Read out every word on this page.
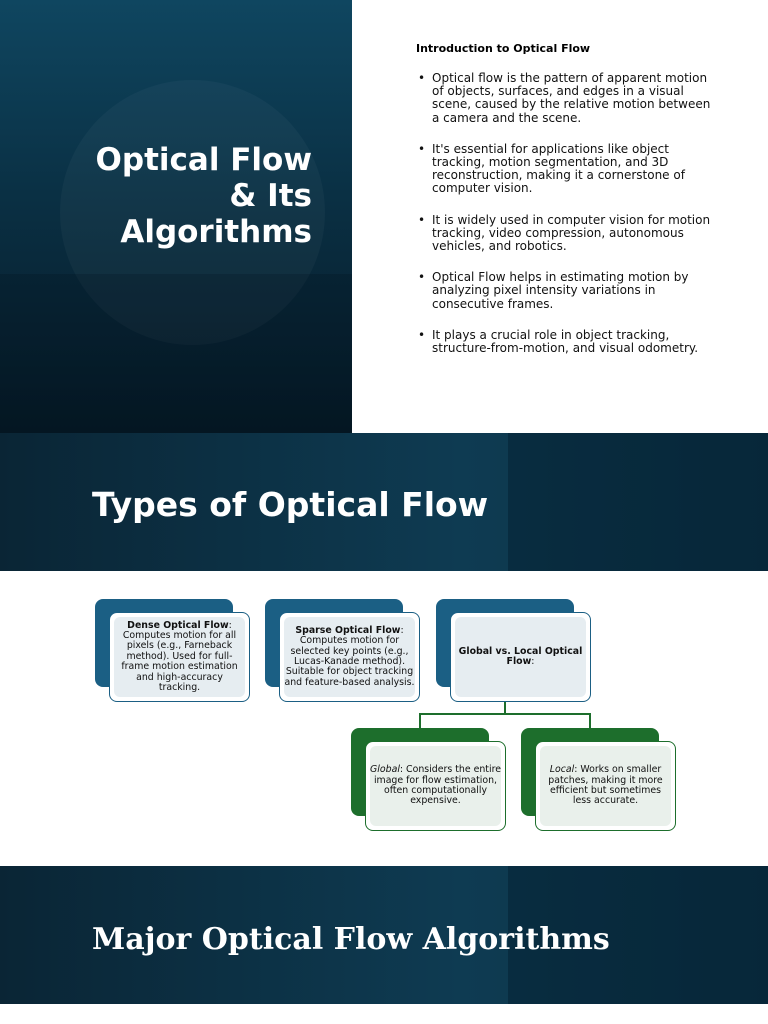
Optical Flow
& Its
Algorithms
Introduction to Optical Flow
• Optical flow is the pattern of apparent motion of objects, surfaces, and edges in a visual scene, caused by the relative motion between a camera and the scene.
• It's essential for applications like object tracking, motion segmentation, and 3D reconstruction, making it a cornerstone of computer vision.
• It is widely used in computer vision for motion tracking, video compression, autonomous vehicles, and robotics.
• Optical Flow helps in estimating motion by analyzing pixel intensity variations in consecutive frames.
• It plays a crucial role in object tracking, structure-from-motion, and visual odometry.
Types of Optical Flow
Dense Optical Flow: Computes motion for all pixels (e.g., Farneback method). Used for full-frame motion estimation and high-accuracy tracking.
Sparse Optical Flow: Computes motion for selected key points (e.g., Lucas-Kanade method). Suitable for object tracking and feature-based analysis.
Global vs. Local Optical Flow:
Global: Considers the entire image for flow estimation, often computationally expensive.
Local: Works on smaller patches, making it more efficient but sometimes less accurate.
Major Optical Flow Algorithms
